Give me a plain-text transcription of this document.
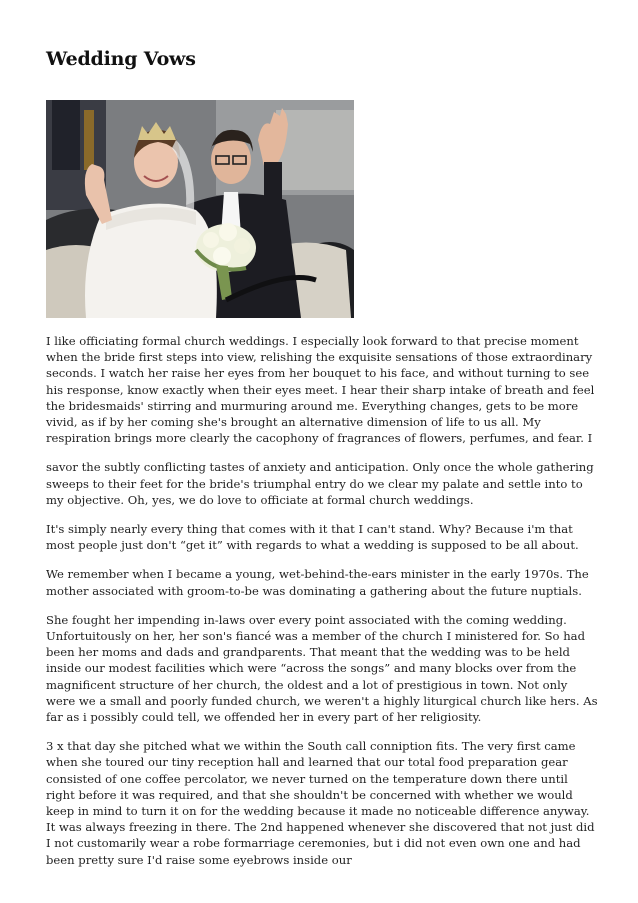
Wedding Vows

I like officiating formal church weddings. I especially look forward to that precise moment when the bride first steps into view, relishing the exquisite sensations of those extraordinary seconds. I watch her raise her eyes from her bouquet to his face, and without turning to see his response, know exactly when their eyes meet. I hear their sharp intake of breath and feel the bridesmaids' stirring and murmuring around me. Everything changes, gets to be more vivid, as if by her coming she's brought an alternative dimension of life to us all. My respiration brings more clearly the cacophony of fragrances of flowers, perfumes, and fear. I

savor the subtly conflicting tastes of anxiety and anticipation. Only once the whole gathering sweeps to their feet for the bride's triumphal entry do we clear my palate and settle into to my objective. Oh, yes, we do love to officiate at formal church weddings.

It's simply nearly every thing that comes with it that I can't stand. Why? Because i'm that most people just don't “get it” with regards to what a wedding is supposed to be all about.

We remember when I became a young, wet-behind-the-ears minister in the early 1970s. The mother associated with groom-to-be was dominating a gathering about the future nuptials.

She fought her impending in-laws over every point associated with the coming wedding. Unfortuitously on her, her son's fiancé was a member of the church I ministered for. So had been her moms and dads and grandparents. That meant that the wedding was to be held inside our modest facilities which were “across the songs” and many blocks over from the magnificent structure of her church, the oldest and a lot of prestigious in town. Not only were we a small and poorly funded church, we weren't a highly liturgical church like hers. As far as i possibly could tell, we offended her in every part of her religiosity.

3 x that day she pitched what we within the South call conniption fits. The very first came when she toured our tiny reception hall and learned that our total food preparation gear consisted of one coffee percolator, we never turned on the temperature down there until right before it was required, and that she shouldn't be concerned with whether we would keep in mind to turn it on for the wedding because it made no noticeable difference anyway. It was always freezing in there. The 2nd happened whenever she discovered that not just did I not customarily wear a robe formarriage ceremonies, but i did not even own one and had been pretty sure I'd raise some eyebrows inside our
